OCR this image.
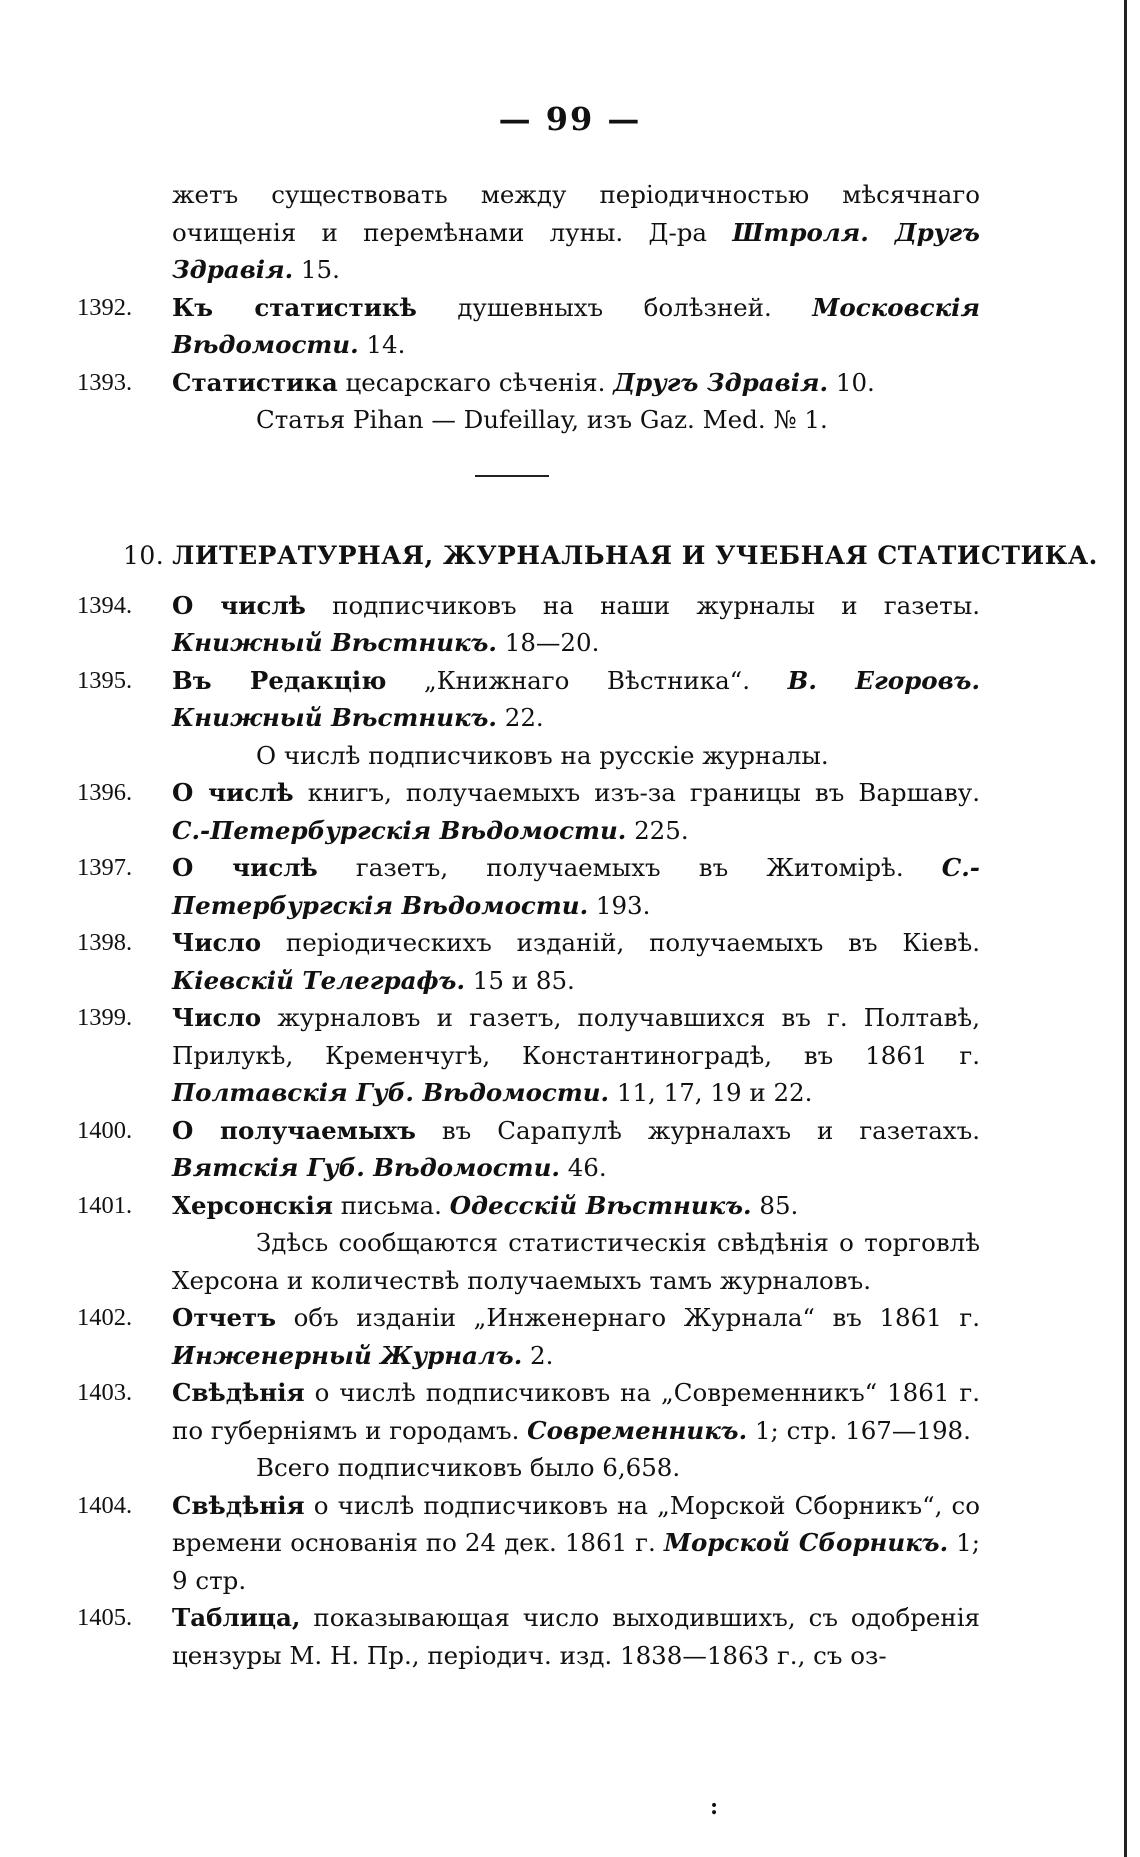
— 99 —
жетъ существовать между періодичностью мѣсячнаго очищенія и перемѣнами луны. Д-ра Штроля. Другъ Здравія. 15.
1392. Къ статистикѣ душевныхъ болѣзней. Московскія Вѣдомости. 14.
1393. Статистика цесарскаго сѣченія. Другъ Здравія. 10.
Статья Pihan — Dufeillay, изъ Gaz. Med. № 1.
10. ЛИТЕРАТУРНАЯ, ЖУРНАЛЬНАЯ И УЧЕБНАЯ СТАТИСТИКА.
1394. О числѣ подписчиковъ на наши журналы и газеты. Книжный Вѣстникъ. 18—20.
1395. Въ Редакцію „Книжнаго Вѣстника“. В. Егоровъ. Книжный Вѣстникъ. 22.
О числѣ подписчиковъ на русскіе журналы.
1396. О числѣ книгъ, получаемыхъ изъ-за границы въ Варшаву. С.-Петербургскія Вѣдомости. 225.
1397. О числѣ газетъ, получаемыхъ въ Житомірѣ. С.-Петербургскія Вѣдомости. 193.
1398. Число періодическихъ изданій, получаемыхъ въ Кіевѣ. Кіевскій Телеграфъ. 15 и 85.
1399. Число журналовъ и газетъ, получавшихся въ г. Полтавѣ, Прилукѣ, Кременчугѣ, Константиноградѣ, въ 1861 г. Полтавскія Губ. Вѣдомости. 11, 17, 19 и 22.
1400. О получаемыхъ въ Сарапулѣ журналахъ и газетахъ. Вятскія Губ. Вѣдомости. 46.
1401. Херсонскія письма. Одесскій Вѣстникъ. 85.
Здѣсь сообщаются статистическія свѣдѣнія о торговлѣ Херсона и количествѣ получаемыхъ тамъ журналовъ.
1402. Отчетъ объ изданіи „Инженернаго Журнала“ въ 1861 г. Инженерный Журналъ. 2.
1403. Свѣдѣнія о числѣ подписчиковъ на „Современникъ“ 1861 г. по губерніямъ и городамъ. Современникъ. 1; стр. 167—198.
Всего подписчиковъ было 6,658.
1404. Свѣдѣнія о числѣ подписчиковъ на „Морской Сборникъ“, со времени основанія по 24 дек. 1861 г. Морской Сборникъ. 1; 9 стр.
1405. Таблица, показывающая число выходившихъ, съ одобренія цензуры М. Н. Пр., періодич. изд. 1838—1863 г., съ оз-
:
